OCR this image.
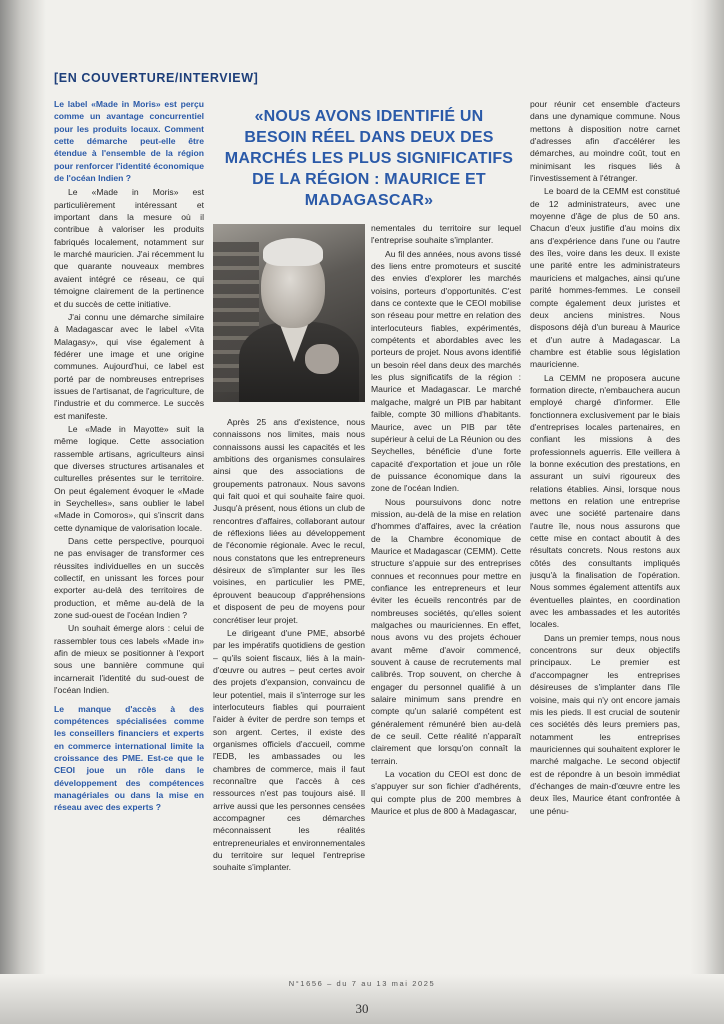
[EN COUVERTURE/INTERVIEW]
«NOUS AVONS IDENTIFIÉ UN BESOIN RÉEL DANS DEUX DES MARCHÉS LES PLUS SIGNIFICATIFS DE LA RÉGION : MAURICE ET MADAGASCAR»

Le label «Made in Moris» est perçu comme un avantage concurrentiel pour les produits locaux. Comment cette démarche peut-elle être étendue à l'ensemble de la région pour renforcer l'identité économique de l'océan Indien ?

Le «Made in Moris» est particulièrement intéressant et important dans la mesure où il contribue à valoriser les produits fabriqués localement, notamment sur le marché mauricien. J'ai récemment lu que quarante nouveaux membres avaient intégré ce réseau, ce qui témoigne clairement de la pertinence et du succès de cette initiative.

J'ai connu une démarche similaire à Madagascar avec le label «Vita Malagasy», qui vise également à fédérer une image et une origine communes. Aujourd'hui, ce label est porté par de nombreuses entreprises issues de l'artisanat, de l'agriculture, de l'industrie et du commerce. Le succès est manifeste.

Le «Made in Mayotte» suit la même logique. Cette association rassemble artisans, agriculteurs ainsi que diverses structures artisanales et culturelles présentes sur le territoire. On peut également évoquer le «Made in Seychelles», sans oublier le label «Made in Comoros», qui s'inscrit dans cette dynamique de valorisation locale.

Dans cette perspective, pourquoi ne pas envisager de transformer ces réussites individuelles en un succès collectif, en unissant les forces pour exporter au-delà des territoires de production, et même au-delà de la zone sud-ouest de l'océan Indien ?

Un souhait émerge alors : celui de rassembler tous ces labels «Made in» afin de mieux se positionner à l'export sous une bannière commune qui incarnerait l'identité du sud-ouest de l'océan Indien.

Le manque d'accès à des compétences spécialisées comme les conseillers financiers et experts en commerce international limite la croissance des PME. Est-ce que le CEOI joue un rôle dans le développement des compétences managériales ou dans la mise en réseau avec des experts ?

Après 25 ans d'existence, nous connaissons nos limites, mais nous connaissons aussi les capacités et les ambitions des organismes consulaires ainsi que des associations de groupements patronaux. Nous savons qui fait quoi et qui souhaite faire quoi. Jusqu'à présent, nous étions un club de rencontres d'affaires, collaborant autour de réflexions liées au développement de l'économie régionale. Avec le recul, nous constatons que les entrepreneurs désireux de s'implanter sur les îles voisines, en particulier les PME, éprouvent beaucoup d'appréhensions et disposent de peu de moyens pour concrétiser leur projet.

Le dirigeant d'une PME, absorbé par les impératifs quotidiens de gestion – qu'ils soient fiscaux, liés à la main-d'œuvre ou autres – peut certes avoir des projets d'expansion, convaincu de leur potentiel, mais il s'interroge sur les interlocuteurs fiables qui pourraient l'aider à éviter de perdre son temps et son argent. Certes, il existe des organismes officiels d'accueil, comme l'EDB, les ambassades ou les chambres de commerce, mais il faut reconnaître que l'accès à ces ressources n'est pas toujours aisé. Il arrive aussi que les personnes censées accompagner ces démarches méconnaissent les réalités entrepreneuriales et environnementales du territoire sur lequel l'entreprise souhaite s'implanter.

nementales du territoire sur lequel l'entreprise souhaite s'implanter.

Au fil des années, nous avons tissé des liens entre promoteurs et suscité des envies d'explorer les marchés voisins, porteurs d'opportunités. C'est dans ce contexte que le CEOI mobilise son réseau pour mettre en relation des interlocuteurs fiables, expérimentés, compétents et abordables avec les porteurs de projet. Nous avons identifié un besoin réel dans deux des marchés les plus significatifs de la région : Maurice et Madagascar. Le marché malgache, malgré un PIB par habitant faible, compte 30 millions d'habitants. Maurice, avec un PIB par tête supérieur à celui de La Réunion ou des Seychelles, bénéficie d'une forte capacité d'exportation et joue un rôle de puissance économique dans la zone de l'océan Indien.

Nous poursuivons donc notre mission, au-delà de la mise en relation d'hommes d'affaires, avec la création de la Chambre économique de Maurice et Madagascar (CEMM). Cette structure s'appuie sur des entreprises connues et reconnues pour mettre en confiance les entrepreneurs et leur éviter les écueils rencontrés par de nombreuses sociétés, qu'elles soient malgaches ou mauriciennes. En effet, nous avons vu des projets échouer avant même d'avoir commencé, souvent à cause de recrutements mal calibrés. Trop souvent, on cherche à engager du personnel qualifié à un salaire minimum sans prendre en compte qu'un salarié compétent est généralement rémunéré bien au-delà de ce seuil. Cette réalité n'apparaît clairement que lorsqu'on connaît la terrain.

La vocation du CEOI est donc de s'appuyer sur son fichier d'adhérents, qui compte plus de 200 membres à Maurice et plus de 800 à Madagascar,

pour réunir cet ensemble d'acteurs dans une dynamique commune. Nous mettons à disposition notre carnet d'adresses afin d'accélérer les démarches, au moindre coût, tout en minimisant les risques liés à l'investissement à l'étranger.

Le board de la CEMM est constitué de 12 administrateurs, avec une moyenne d'âge de plus de 50 ans. Chacun d'eux justifie d'au moins dix ans d'expérience dans l'une ou l'autre des îles, voire dans les deux. Il existe une parité entre les administrateurs mauriciens et malgaches, ainsi qu'une parité hommes-femmes. Le conseil compte également deux juristes et deux anciens ministres. Nous disposons déjà d'un bureau à Maurice et d'un autre à Madagascar. La chambre est établie sous législation mauricienne.

La CEMM ne proposera aucune formation directe, n'embauchera aucun employé chargé d'informer. Elle fonctionnera exclusivement par le biais d'entreprises locales partenaires, en confiant les missions à des professionnels aguerris. Elle veillera à la bonne exécution des prestations, en assurant un suivi rigoureux des relations établies. Ainsi, lorsque nous mettons en relation une entreprise avec une société partenaire dans l'autre île, nous nous assurons que cette mise en contact aboutit à des résultats concrets. Nous restons aux côtés des consultants impliqués jusqu'à la finalisation de l'opération. Nous sommes également attentifs aux éventuelles plaintes, en coordination avec les ambassades et les autorités locales.

Dans un premier temps, nous nous concentrons sur deux objectifs principaux. Le premier est d'accompagner les entreprises désireuses de s'implanter dans l'île voisine, mais qui n'y ont encore jamais mis les pieds. Il est crucial de soutenir ces sociétés dès leurs premiers pas, notamment les entreprises mauriciennes qui souhaitent explorer le marché malgache. Le second objectif est de répondre à un besoin immédiat d'échanges de main-d'œuvre entre les deux îles, Maurice étant confrontée à une pénu-

N°1656 – du 7 au 13 mai 2025
30
